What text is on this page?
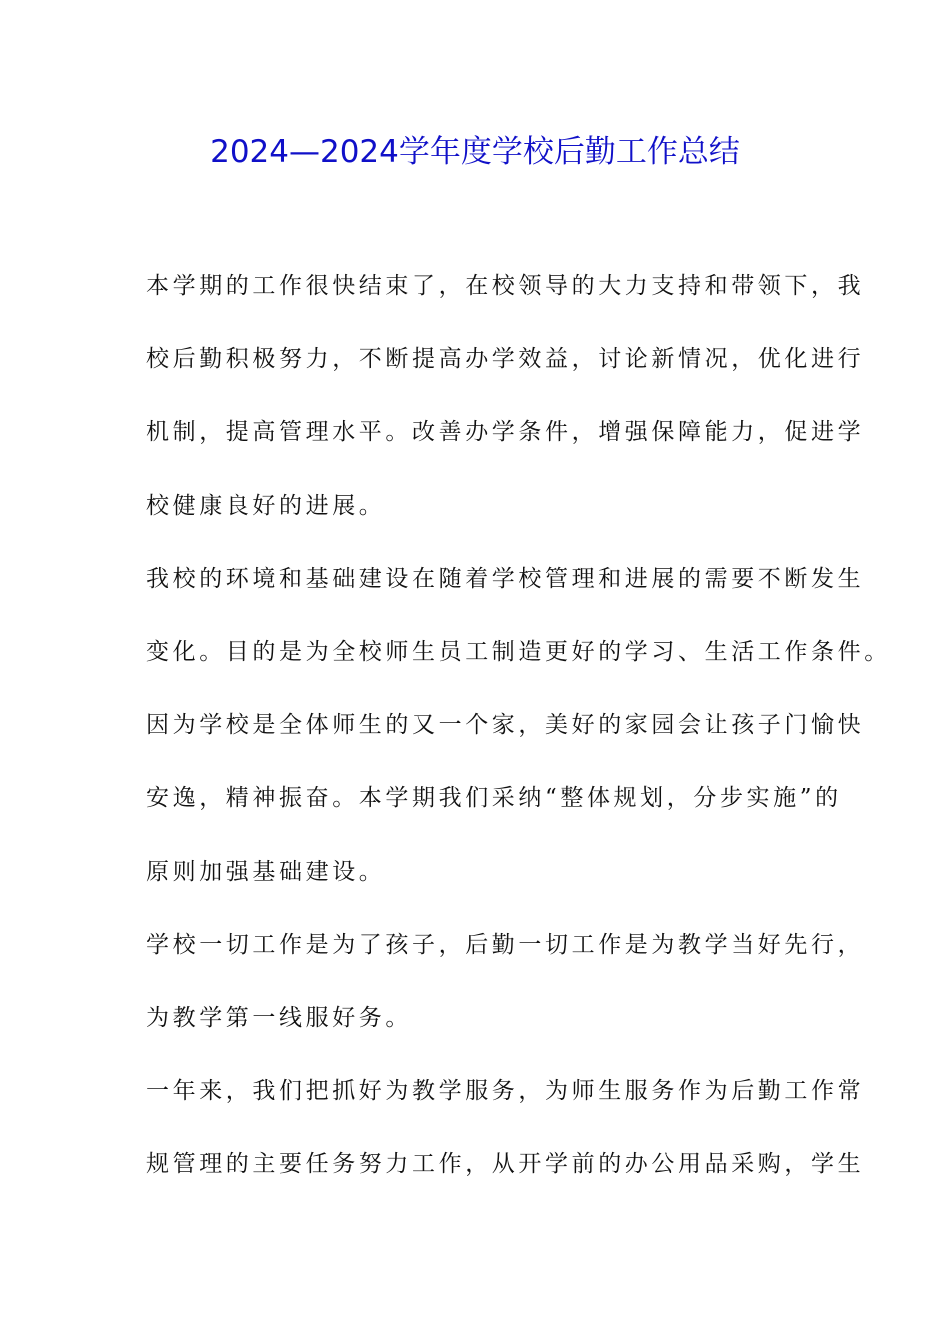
2024—2024学年度学校后勤工作总结
本学期的工作很快结束了，在校领导的大力支持和带领下，我
校后勤积极努力，不断提高办学效益，讨论新情况，优化进行
机制，提高管理水平。改善办学条件，增强保障能力，促进学
校健康良好的进展。
我校的环境和基础建设在随着学校管理和进展的需要不断发生
变化。目的是为全校师生员工制造更好的学习、生活工作条件。
因为学校是全体师生的又一个家，美好的家园会让孩子门愉快
安逸，精神振奋。本学期我们采纳“整体规划，分步实施”的
原则加强基础建设。
学校一切工作是为了孩子，后勤一切工作是为教学当好先行，
为教学第一线服好务。
一年来，我们把抓好为教学服务，为师生服务作为后勤工作常
规管理的主要任务努力工作，从开学前的办公用品采购，学生
